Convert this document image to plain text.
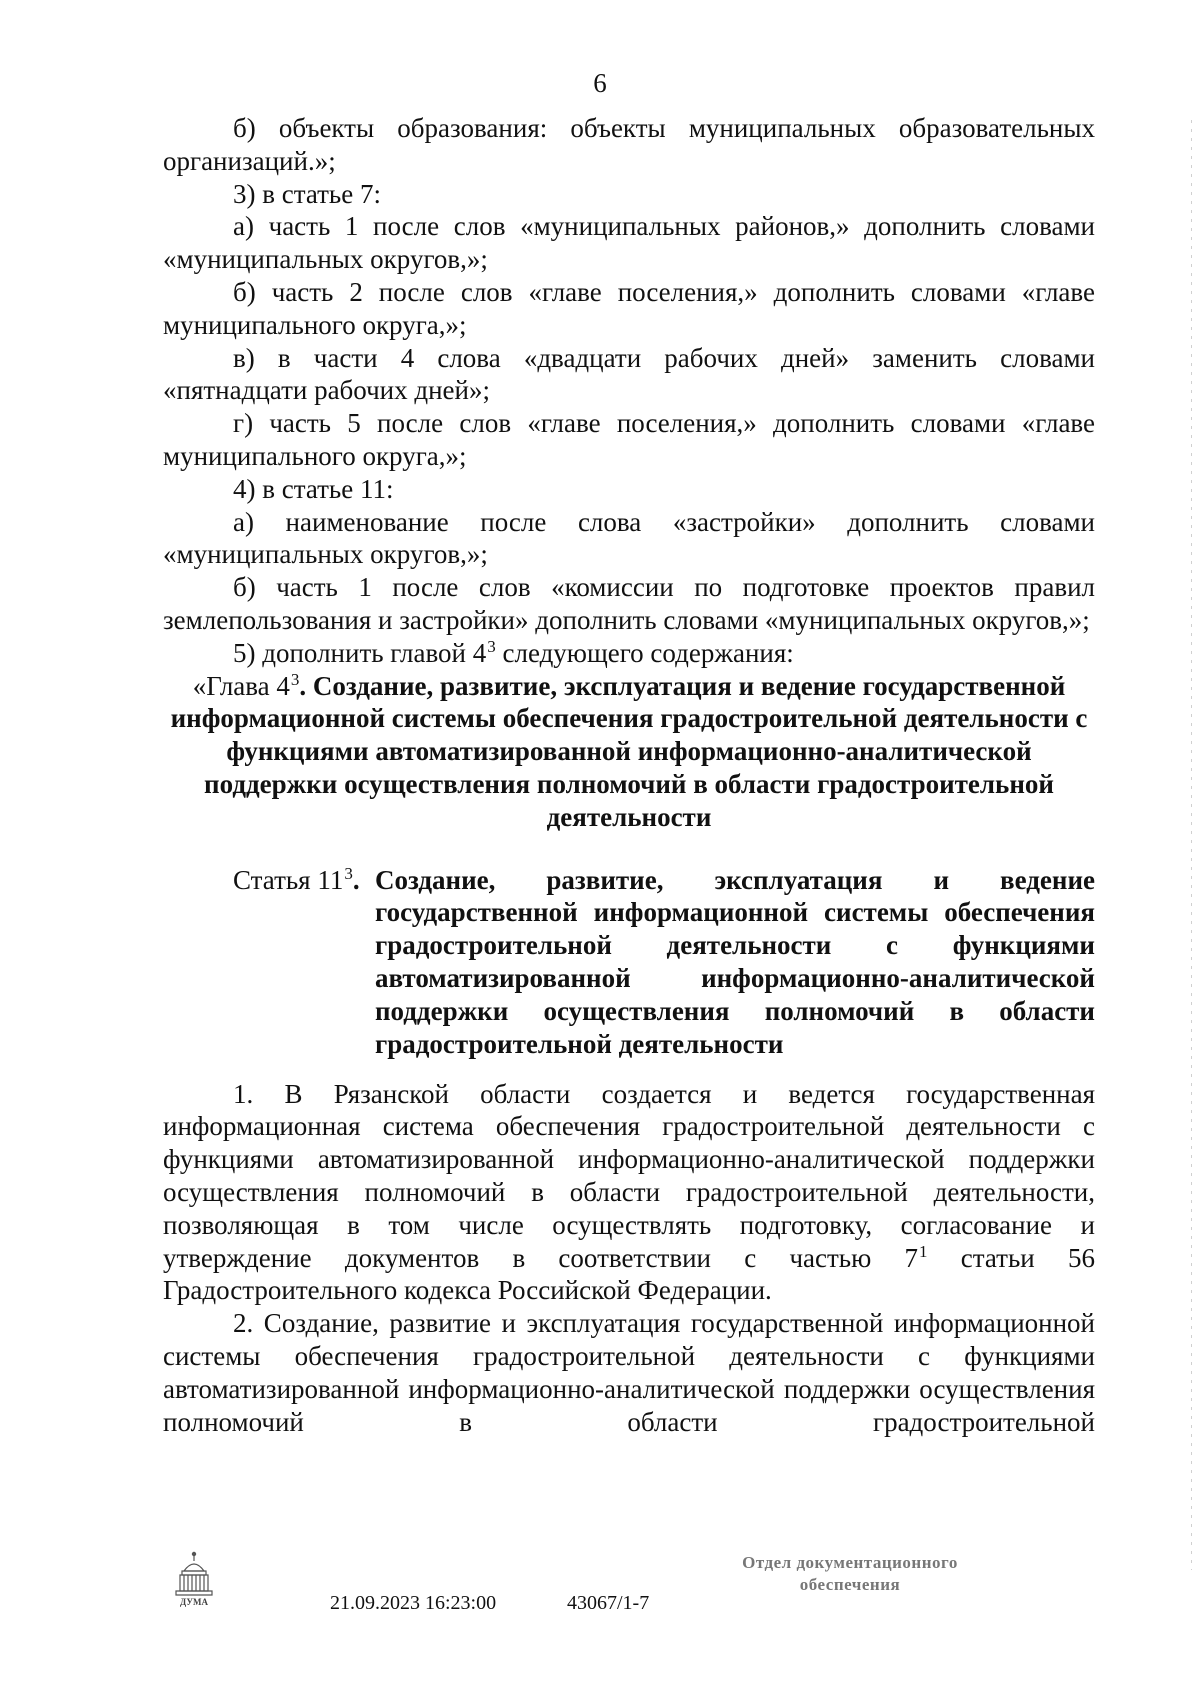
6

б) объекты образования: объекты муниципальных образовательных организаций.»;

3) в статье 7:

а) часть 1 после слов «муниципальных районов,» дополнить словами «муниципальных округов,»;

б) часть 2 после слов «главе поселения,» дополнить словами «главе муниципального округа,»;

в) в части 4 слова «двадцати рабочих дней» заменить словами «пятнадцати рабочих дней»;

г) часть 5 после слов «главе поселения,» дополнить словами «главе муниципального округа,»;

4) в статье 11:

а) наименование после слова «застройки» дополнить словами «муниципальных округов,»;

б) часть 1 после слов «комиссии по подготовке проектов правил землепользования и застройки» дополнить словами «муниципальных округов,»;

5) дополнить главой $4^3$ следующего содержания:

«Глава $4^3$. Создание, развитие, эксплуатация и ведение государственной информационной системы обеспечения градостроительной деятельности с функциями автоматизированной информационно-аналитической поддержки осуществления полномочий в области градостроительной деятельности

Статья $11^3$. Создание, развитие, эксплуатация и ведение государственной информационной системы обеспечения градостроительной деятельности с функциями автоматизированной информационно-аналитической поддержки осуществления полномочий в области градостроительной деятельности

1. В Рязанской области создается и ведется государственная информационная система обеспечения градостроительной деятельности с функциями автоматизированной информационно-аналитической поддержки осуществления полномочий в области градостроительной деятельности, позволяющая в том числе осуществлять подготовку, согласование и утверждение документов в соответствии с частью $7^1$ статьи 56 Градостроительного кодекса Российской Федерации.

2. Создание, развитие и эксплуатация государственной информационной системы обеспечения градостроительной деятельности с функциями автоматизированной информационно-аналитической поддержки осуществления полномочий в области градостроительной

ДУМА	21.09.2023 16:23:00	43067/1-7
Отдел документационного
обеспечения
